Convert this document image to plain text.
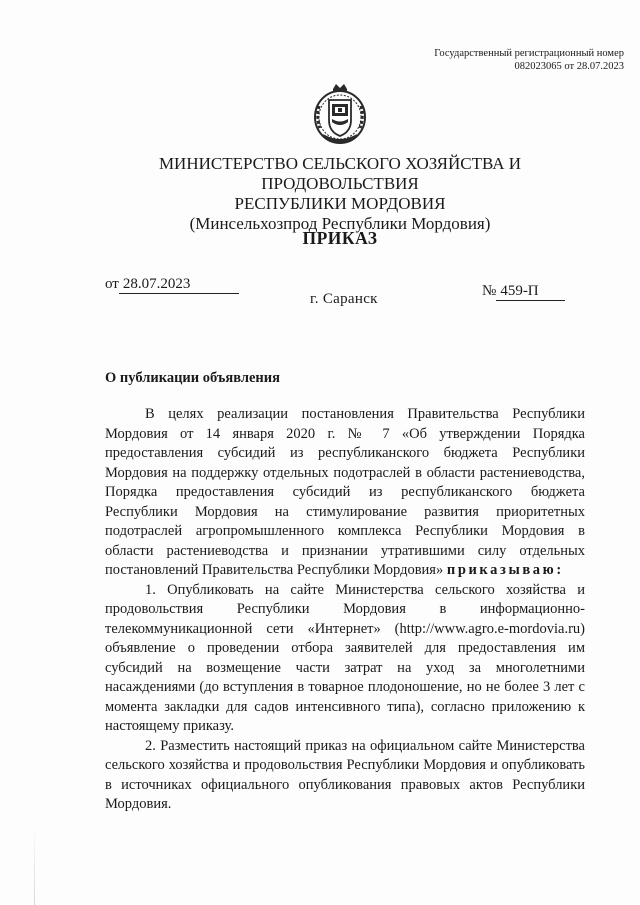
Государственный регистрационный номер
082023065 от 28.07.2023
МИНИСТЕРСТВО СЕЛЬСКОГО ХОЗЯЙСТВА И ПРОДОВОЛЬСТВИЯ
РЕСПУБЛИКИ МОРДОВИЯ
(Минсельхозпрод Республики Мордовия)
ПРИКАЗ
от 28.07.2023	№ 459-П
г. Саранск
О публикации объявления

В целях реализации постановления Правительства Республики Мордовия от 14 января 2020 г. № 7 «Об утверждении Порядка предоставления субсидий из республиканского бюджета Республики Мордовия на поддержку отдельных подотраслей в области растениеводства, Порядка предоставления субсидий из республиканского бюджета Республики Мордовия на стимулирование развития приоритетных подотраслей агропромышленного комплекса Республики Мордовия в области растениеводства и признании утратившими силу отдельных постановлений Правительства Республики Мордовия» приказываю:

1. Опубликовать на сайте Министерства сельского хозяйства и продовольствия Республики Мордовия в информационно-телекоммуникационной сети «Интернет» (http://www.agro.e-mordovia.ru) объявление о проведении отбора заявителей для предоставления им субсидий на возмещение части затрат на уход за многолетними насаждениями (до вступления в товарное плодоношение, но не более 3 лет с момента закладки для садов интенсивного типа), согласно приложению к настоящему приказу.

2. Разместить настоящий приказ на официальном сайте Министерства сельского хозяйства и продовольствия Республики Мордовия и опубликовать в источниках официального опубликования правовых актов Республики Мордовия.
